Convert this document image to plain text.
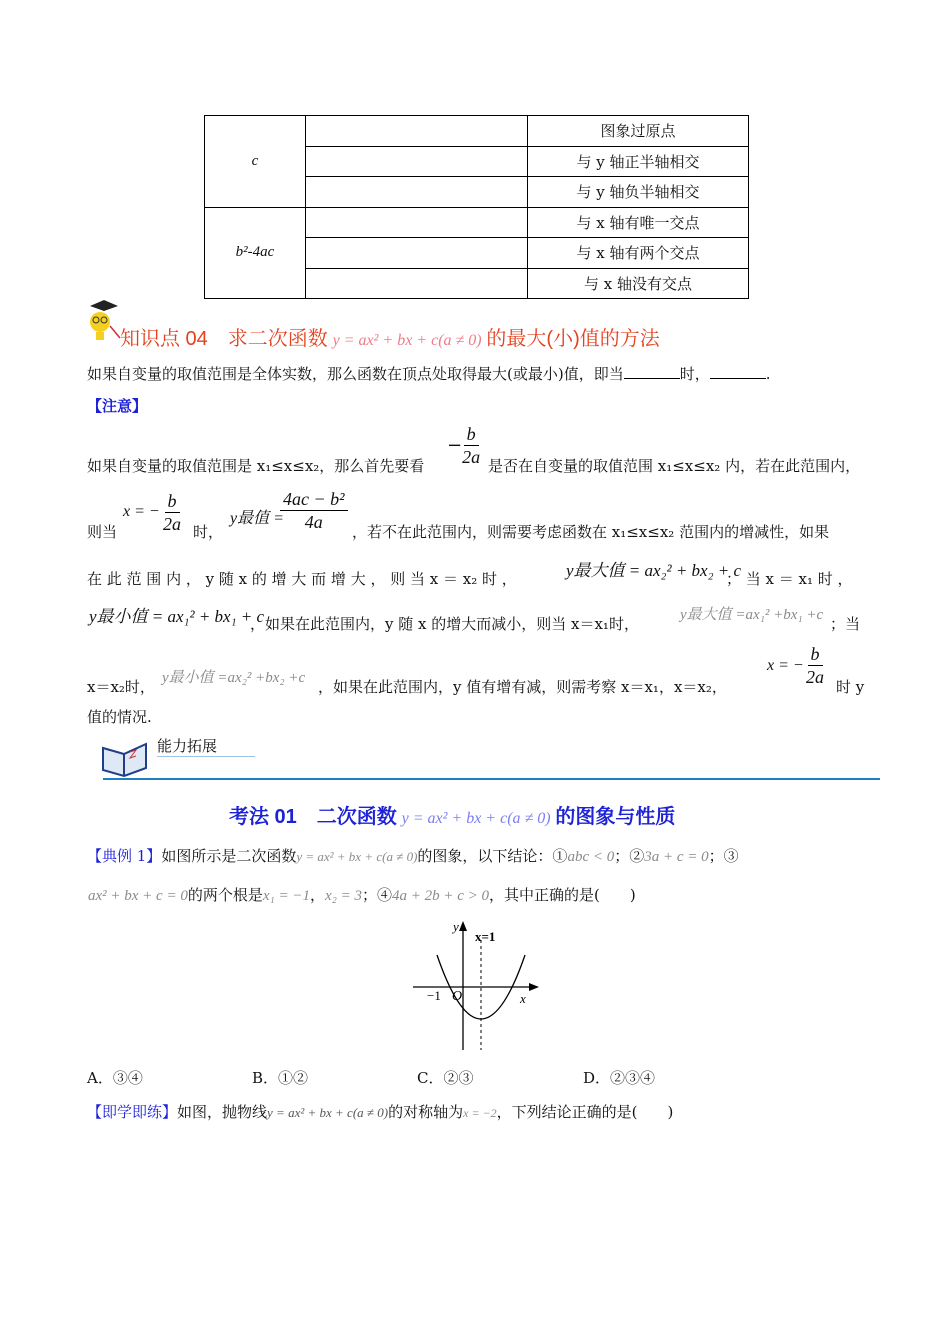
c		图象过原点
		与 y 轴正半轴相交
		与 y 轴负半轴相交
b²-4ac		与 x 轴有唯一交点
		与 x 轴有两个交点
		与 x 轴没有交点
知识点 04　求二次函数 y = ax² + bx + c(a ≠ 0) 的最大(小)值的方法
如果自变量的取值范围是全体实数，那么函数在顶点处取得最大(或最小)值，即当	时，	.
【注意】
如果自变量的取值范围是 x₁≤x≤x₂，那么首先要看
− $\frac{b}{2a}$ 是否在自变量的取值范围 x₁≤x≤x₂ 内，若在此范围内，
则当
x = − $\frac{b}{2a}$ 时，
y最值 =
$\frac{\text{4ac − b²}}{4a}$ ，若不在此范围内，则需要考虑函数在 x₁≤x≤x₂ 范围内的增减性，如果
在 此 范 围 内 ， y 随 x 的 增 大 而 增 大 ， 则 当 x ＝ x₂ 时 ，	y最大值 = ax₂² + bx₂ + c
； 当 x ＝ x₁ 时 ，
y最小值 = ax₁² + bx₁ + c
，如果在此范围内，y 随 x 的增大而减小，则当 x＝x₁时，	y最大值 =ax₁² +bx₁ +c ；当
x＝x₂时， y最小值 =ax₂² +bx₂ +c ，如果在此范围内，y 值有增有减，则需考察 x＝x₁，x＝x₂，
x = − $\frac{b}{2a}$ 时 y
值的情况.
能力拓展
考法 01　二次函数 y = ax² + bx + c(a ≠ 0) 的图象与性质
【典例 1】如图所示是二次函数y = ax² + bx + c(a ≠ 0)的图象，以下结论：①abc < 0；②3a + c = 0；③
ax² + bx + c = 0的两个根是x₁ = −1，x₂ = 3；④4a + 2b + c > 0，其中正确的是(　　)
y
x
x=1
O
−1
A．③④	B．①②	C．②③	D．②③④
【即学即练】如图，抛物线y = ax² + bx + c(a ≠ 0)的对称轴为x = −2，下列结论正确的是(　　)
